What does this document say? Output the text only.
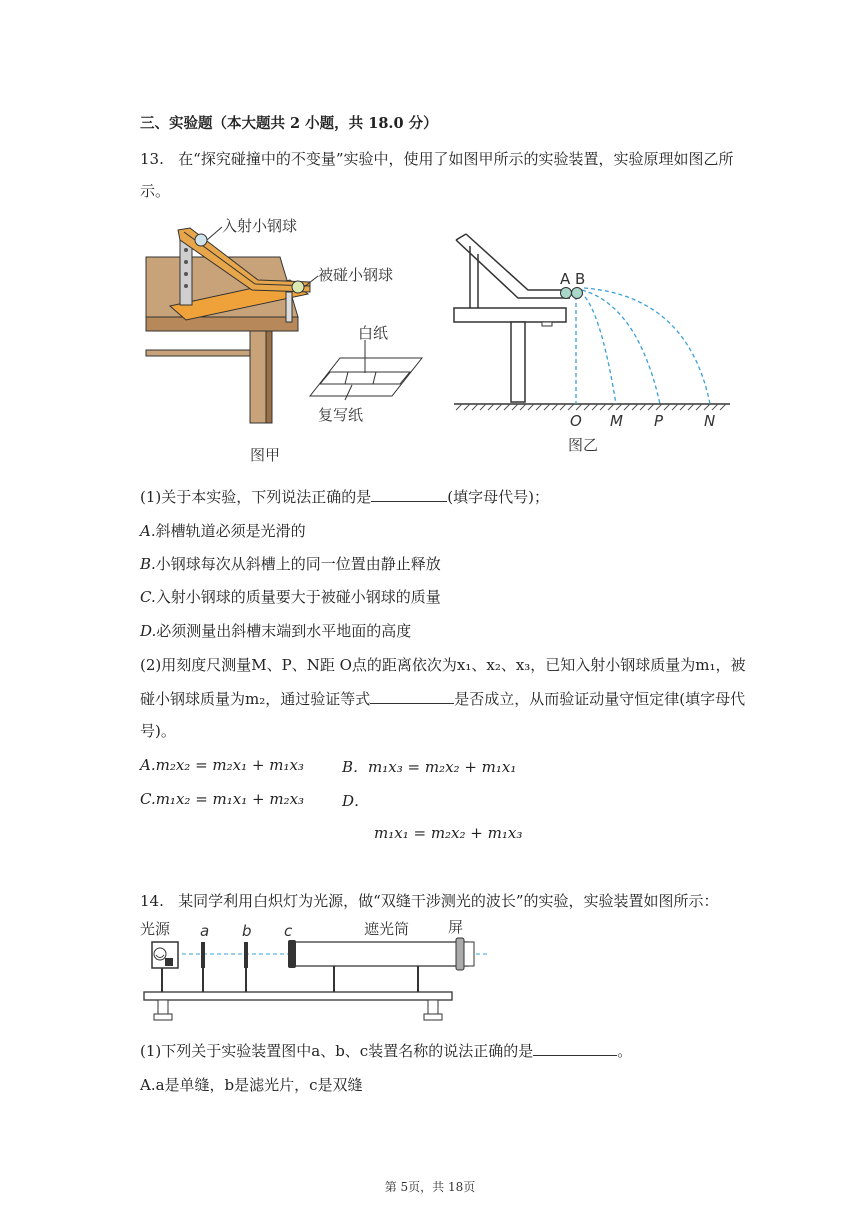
三、实验题（本大题共 2 小题，共 18.0 分）
13. 在“探究碰撞中的不变量”实验中，使用了如图甲所示的实验装置，实验原理如图乙所
示。
入射小钢球
被碰小钢球
白纸
复写纸
图甲
A B
O M P	N
图乙
(1)关于本实验，下列说法正确的是	(填字母代号)；
A.斜槽轨道必须是光滑的
B.小钢球每次从斜槽上的同一位置由静止释放
C.入射小钢球的质量要大于被碰小钢球的质量
D.必须测量出斜槽末端到水平地面的高度
(2)用刻度尺测量M、P、N距 O点的距离依次为x₁、x₂、x₃，已知入射小钢球质量为m₁，被
碰小钢球质量为m₂，通过验证等式	是否成立，从而验证动量守恒定律(填字母代
号)。
A.m₂x₂ = m₂x₁ + m₁x₃	B．m₁x₃ = m₂x₂ + m₁x₁
C.m₁x₂ = m₁x₁ + m₂x₃	D．
m₁x₁ = m₂x₂ + m₁x₃
14. 某同学利用白炽灯为光源，做“双缝干涉测光的波长”的实验，实验装置如图所示：
光源 a b c	遮光筒	屏
(1)下列关于实验装置图中a、b、c装置名称的说法正确的是	。
A.a是单缝，b是滤光片，c是双缝
第 5页，共 18页
